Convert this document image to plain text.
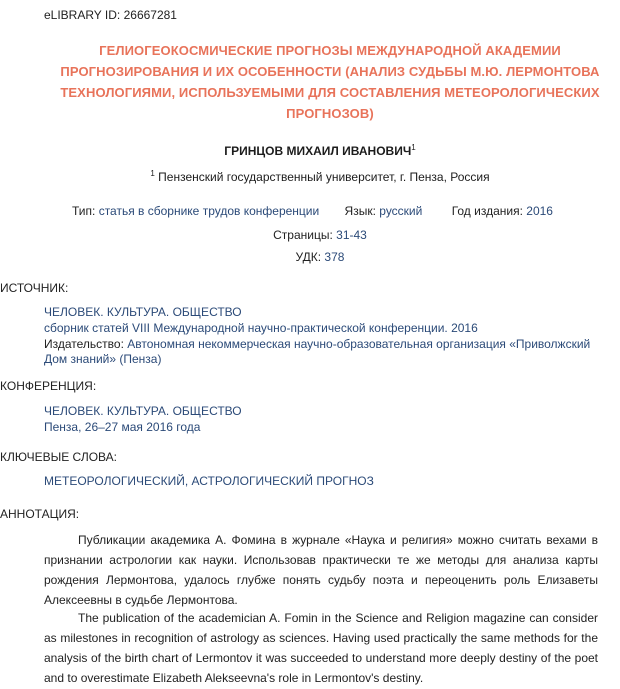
eLIBRARY ID: 26667281
ГЕЛИОГЕОКОСМИЧЕСКИЕ ПРОГНОЗЫ МЕЖДУНАРОДНОЙ АКАДЕМИИ ПРОГНОЗИРОВАНИЯ И ИХ ОСОБЕННОСТИ (АНАЛИЗ СУДЬБЫ М.Ю. ЛЕРМОНТОВА ТЕХНОЛОГИЯМИ, ИСПОЛЬЗУЕМЫМИ ДЛЯ СОСТАВЛЕНИЯ МЕТЕОРОЛОГИЧЕСКИХ ПРОГНОЗОВ)
ГРИНЦОВ МИХАИЛ ИВАНОВИЧ$^1$
$^1$ Пензенский государственный университет, г. Пенза, Россия
Тип: статья в сборнике трудов конференции Язык: русский Год издания: 2016
Страницы: 31-43
УДК: 378
ИСТОЧНИК:
ЧЕЛОВЕК. КУЛЬТУРА. ОБЩЕСТВО
сборник статей VIII Международной научно-практической конференции. 2016
Издательство: Автономная некоммерческая научно-образовательная организация «Приволжский Дом знаний» (Пенза)
КОНФЕРЕНЦИЯ:
ЧЕЛОВЕК. КУЛЬТУРА. ОБЩЕСТВО
Пенза, 26–27 мая 2016 года
КЛЮЧЕВЫЕ СЛОВА:
МЕТЕОРОЛОГИЧЕСКИЙ, АСТРОЛОГИЧЕСКИЙ ПРОГНОЗ
АННОТАЦИЯ:
Публикации академика А. Фомина в журнале «Наука и религия» можно считать вехами в признании астрологии как науки. Использовав практически те же методы для анализа карты рождения Лермонтова, удалось глубже понять судьбу поэта и переоценить роль Елизаветы Алексеевны в судьбе Лермонтова.
The publication of the academician A. Fomin in the Science and Religion magazine can consider as milestones in recognition of astrology as sciences. Having used practically the same methods for the analysis of the birth chart of Lermontov it was succeeded to understand more deeply destiny of the poet and to overestimate Elizabeth Alekseevna's role in Lermontov's destiny.
